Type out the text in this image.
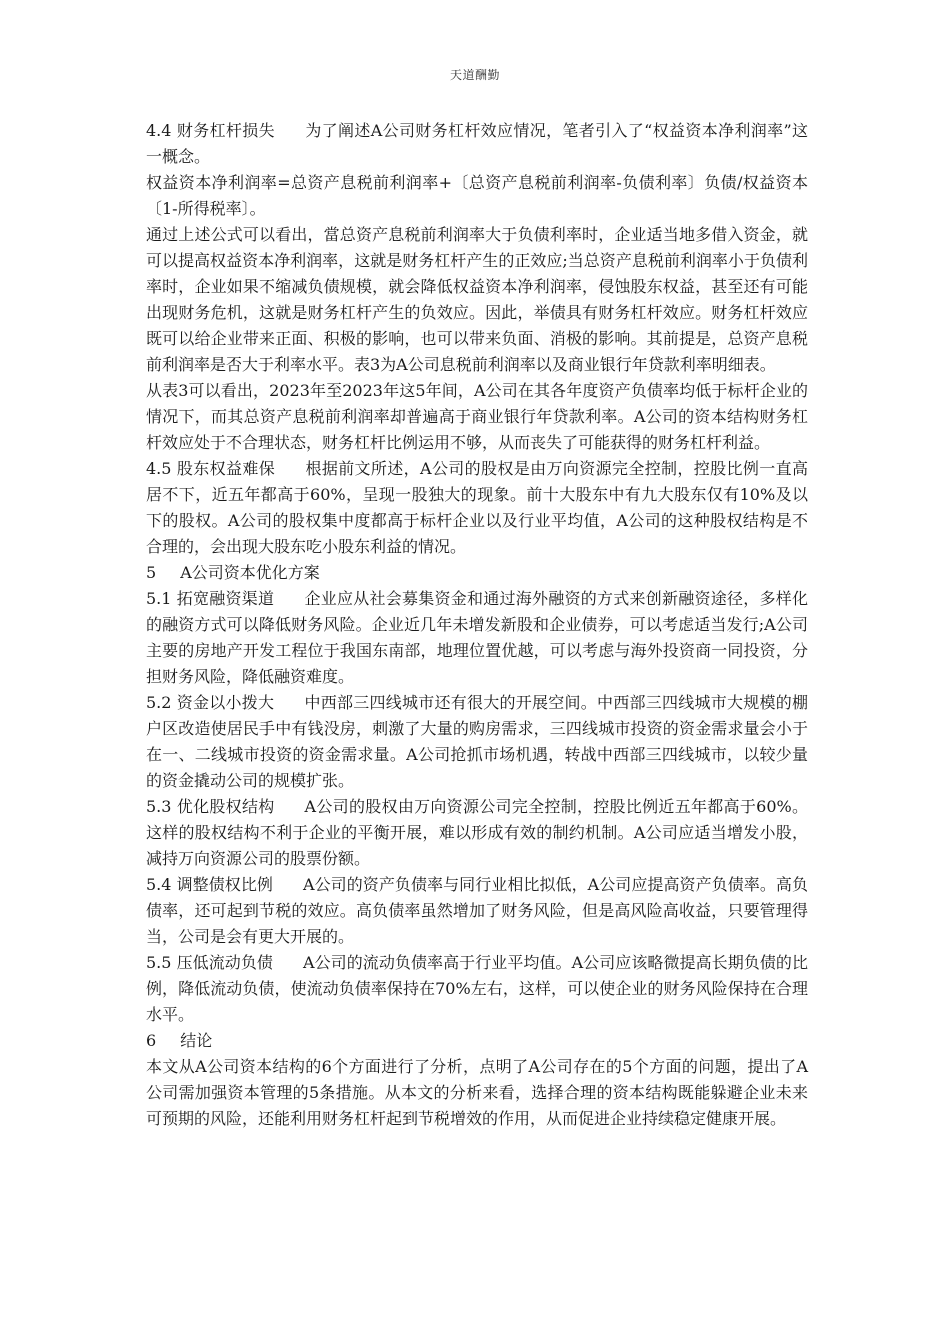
天道酬勤

4.4 财务杠杆损失 为了阐述A公司财务杠杆效应情况，笔者引入了“权益资本净利润率”这一概念。

权益资本净利润率=总资产息税前利润率+〔总资产息税前利润率-负债利率〕负债/权益资本〔1-所得税率〕。

通过上述公式可以看出，當总资产息税前利润率大于负债利率时，企业适当地多借入资金，就可以提高权益资本净利润率，这就是财务杠杆产生的正效应;当总资产息税前利润率小于负债利率时，企业如果不缩减负债规模，就会降低权益资本净利润率，侵蚀股东权益，甚至还有可能出现财务危机，这就是财务杠杆产生的负效应。因此，举债具有财务杠杆效应。财务杠杆效应既可以给企业带来正面、积极的影响，也可以带来负面、消极的影响。其前提是，总资产息税前利润率是否大于利率水平。表3为A公司息税前利润率以及商业银行年贷款利率明细表。

从表3可以看出，2023年至2023年这5年间，A公司在其各年度资产负债率均低于标杆企业的情况下，而其总资产息税前利润率却普遍高于商业银行年贷款利率。A公司的资本结构财务杠杆效应处于不合理状态，财务杠杆比例运用不够，从而丧失了可能获得的财务杠杆利益。

4.5 股东权益难保 根据前文所述，A公司的股权是由万向资源完全控制，控股比例一直高居不下，近五年都高于60%，呈现一股独大的现象。前十大股东中有九大股东仅有10%及以下的股权。A公司的股权集中度都高于标杆企业以及行业平均值，A公司的这种股权结构是不合理的，会出现大股东吃小股东利益的情况。

5 A公司资本优化方案

5.1 拓宽融资渠道 企业应从社会募集资金和通过海外融资的方式来创新融资途径，多样化的融资方式可以降低财务风险。企业近几年未增发新股和企业债券，可以考虑适当发行;A公司主要的房地产开发工程位于我国东南部，地理位置优越，可以考虑与海外投资商一同投资，分担财务风险，降低融资难度。

5.2 资金以小拨大 中西部三四线城市还有很大的开展空间。中西部三四线城市大规模的棚户区改造使居民手中有钱没房，刺激了大量的购房需求，三四线城市投资的资金需求量会小于在一、二线城市投资的资金需求量。A公司抢抓市场机遇，转战中西部三四线城市，以较少量的资金撬动公司的规模扩张。

5.3 优化股权结构 A公司的股权由万向资源公司完全控制，控股比例近五年都高于60%。这样的股权结构不利于企业的平衡开展，难以形成有效的制约机制。A公司应适当增发小股，减持万向资源公司的股票份额。

5.4 调整债权比例 A公司的资产负债率与同行业相比拟低，A公司应提高资产负债率。高负债率，还可起到节税的效应。高负债率虽然增加了财务风险，但是高风险高收益，只要管理得当，公司是会有更大开展的。

5.5 压低流动负债 A公司的流动负债率高于行业平均值。A公司应该略微提高长期负债的比例，降低流动负债，使流动负债率保持在70%左右，这样，可以使企业的财务风险保持在合理水平。

6 结论

本文从A公司资本结构的6个方面进行了分析，点明了A公司存在的5个方面的问题，提出了A公司需加强资本管理的5条措施。从本文的分析来看，选择合理的资本结构既能躲避企业未来可预期的风险，还能利用财务杠杆起到节税增效的作用，从而促进企业持续稳定健康开展。
